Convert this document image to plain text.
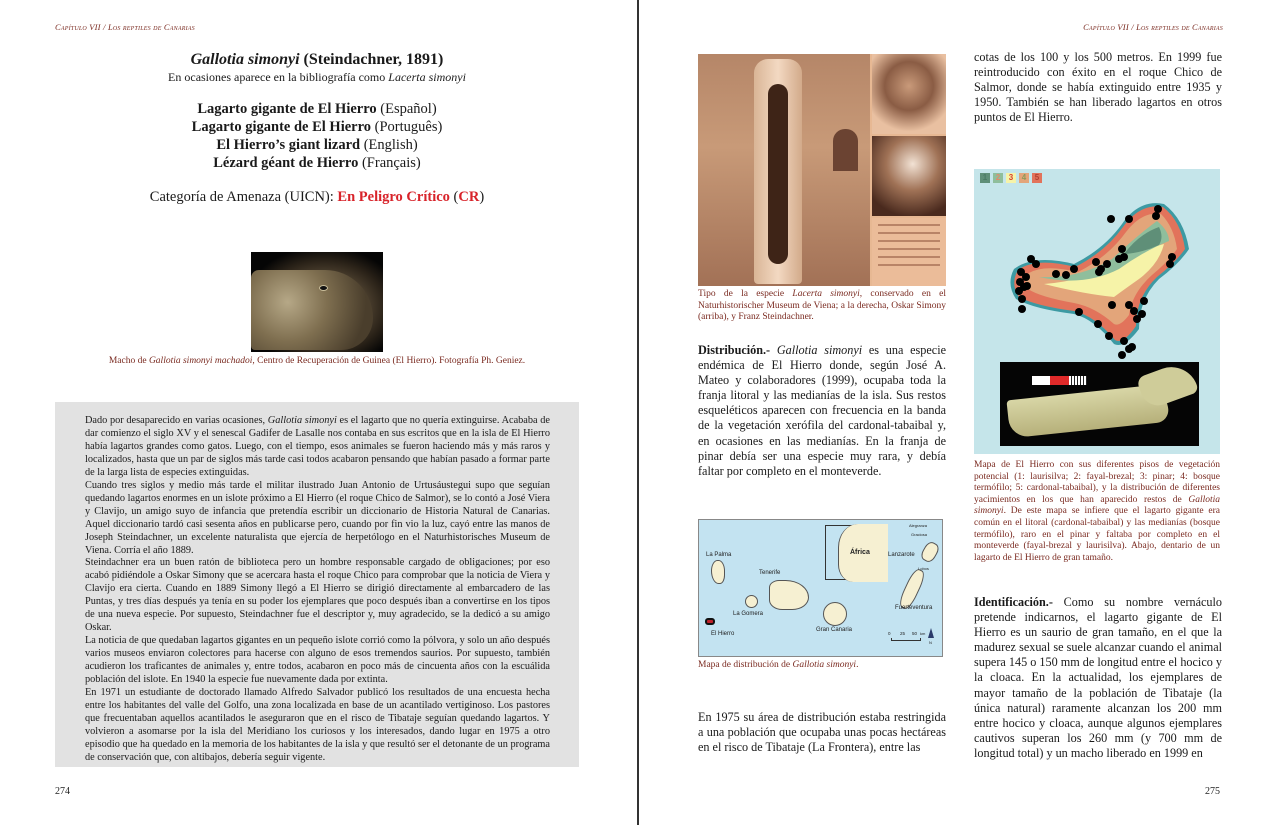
Capítulo VII / Los reptiles de Canarias
Gallotia simonyi (Steindachner, 1891)
En ocasiones aparece en la bibliografía como Lacerta simonyi
Lagarto gigante de El Hierro (Español)
Lagarto gigante de El Hierro (Português)
El Hierro’s giant lizard (English)
Lézard géant de Hierro (Français)
Categoría de Amenaza (UICN): En Peligro Crítico (CR)
Macho de Gallotia simonyi machadoi, Centro de Recuperación de Guinea (El Hierro). Fotografía Ph. Geniez.

Dado por desaparecido en varias ocasiones, Gallotia simonyi es el lagarto que no quería extinguirse. Acababa de dar comienzo el siglo XV y el senescal Gadifer de Lasalle nos contaba en sus escritos que en la isla de El Hierro había lagartos grandes como gatos. Luego, con el tiempo, esos animales se fueron haciendo más y más raros y localizados, hasta que un par de siglos más tarde casi todos acabaron pensando que habían pasado a formar parte de la larga lista de especies extinguidas.

Cuando tres siglos y medio más tarde el militar ilustrado Juan Antonio de Urtusáustegui supo que seguían quedando lagartos enormes en un islote próximo a El Hierro (el roque Chico de Salmor), se lo contó a José Viera y Clavijo, un amigo suyo de infancia que pretendía escribir un diccionario de Historia Natural de Canarias. Aquel diccionario tardó casi sesenta años en publicarse pero, cuando por fin vio la luz, cayó entre las manos de Joseph Steindachner, un excelente naturalista que ejercía de herpetólogo en el Naturhistorisches Museum de Viena. Corría el año 1889.

Steindachner era un buen ratón de biblioteca pero un hombre responsable cargado de obligaciones; por eso acabó pidiéndole a Oskar Simony que se acercara hasta el roque Chico para comprobar que la noticia de Viera y Clavijo era cierta. Cuando en 1889 Simony llegó a El Hierro se dirigió directamente al embarcadero de las Puntas, y tres días después ya tenía en su poder los ejemplares que poco después iban a convertirse en los tipos de una nueva especie. Por supuesto, Steindachner fue el descriptor y, muy agradecido, se la dedicó a su amigo Oskar.

La noticia de que quedaban lagartos gigantes en un pequeño islote corrió como la pólvora, y solo un año después varios museos enviaron colectores para hacerse con alguno de esos tremendos saurios. Por supuesto, también acudieron los traficantes de animales y, entre todos, acabaron en poco más de cincuenta años con la escuálida población del islote. En 1940 la especie fue nuevamente dada por extinta.

En 1971 un estudiante de doctorado llamado Alfredo Salvador publicó los resultados de una encuesta hecha entre los habitantes del valle del Golfo, una zona localizada en base de un acantilado vertiginoso. Los pastores que frecuentaban aquellos acantilados le aseguraron que en el risco de Tibataje seguían quedando lagartos. Y volvieron a asomarse por la isla del Meridiano los curiosos y los interesados, dando lugar en 1975 a otro episodio que ha quedado en la memoria de los habitantes de la isla y que resultó ser el detonante de un programa de conservación que, con altibajos, debería seguir vigente.

274
Capítulo VII / Los reptiles de Canarias
Tipo de la especie Lacerta simonyi, conservado en el Naturhistorischer Museum de Viena; a la derecha, Oskar Simony (arriba), y Franz Steindachner.
Distribución.- Gallotia simonyi es una especie endémica de El Hierro donde, según José A. Mateo y colaboradores (1999), ocupaba toda la franja litoral y las medianías de la isla. Sus restos esqueléticos aparecen con frecuencia en la banda de la vegetación xerófila del cardonal-tabaibal y, en ocasiones en las medianías. En la franja de pinar debía ser una especie muy rara, y debía faltar por completo en el monteverde.
África
La Palma
Tenerife
La Gomera
El Hierro
Gran Canaria
Lanzarote
Fuerteventura
Alegranza
Graciosa
Lobos
0 25 50 km
N
Mapa de distribución de Gallotia simonyi.
En 1975 su área de distribución estaba restringida a una población que ocupaba unas pocas hectáreas en el risco de Tibataje (La Frontera), entre las
cotas de los 100 y los 500 metros. En 1999 fue reintroducido con éxito en el roque Chico de Salmor, donde se había extinguido entre 1935 y 1950. También se han liberado lagartos en otros puntos de El Hierro.
1	2	3	4	5
Mapa de El Hierro con sus diferentes pisos de vegetación potencial (1: laurisilva; 2: fayal-brezal; 3: pinar; 4: bosque termófilo; 5: cardonal-tabaibal), y la distribución de diferentes yacimientos en los que han aparecido restos de Gallotia simonyi. De este mapa se infiere que el lagarto gigante era común en el litoral (cardonal-tabaibal) y las medianías (bosque termófilo), raro en el pinar y faltaba por completo en el monteverde (fayal-brezal y laurisilva). Abajo, dentario de un lagarto de El Hierro de gran tamaño.
Identificación.- Como su nombre vernáculo pretende indicarnos, el lagarto gigante de El Hierro es un saurio de gran tamaño, en el que la madurez sexual se suele alcanzar cuando el animal supera 145 o 150 mm de longitud entre el hocico y la cloaca. En la actualidad, los ejemplares de mayor tamaño de la población de Tibataje (la única natural) raramente alcanzan los 200 mm entre hocico y cloaca, aunque algunos ejemplares cautivos superan los 260 mm (y 700 mm de longitud total) y un macho liberado en 1999 en
275
